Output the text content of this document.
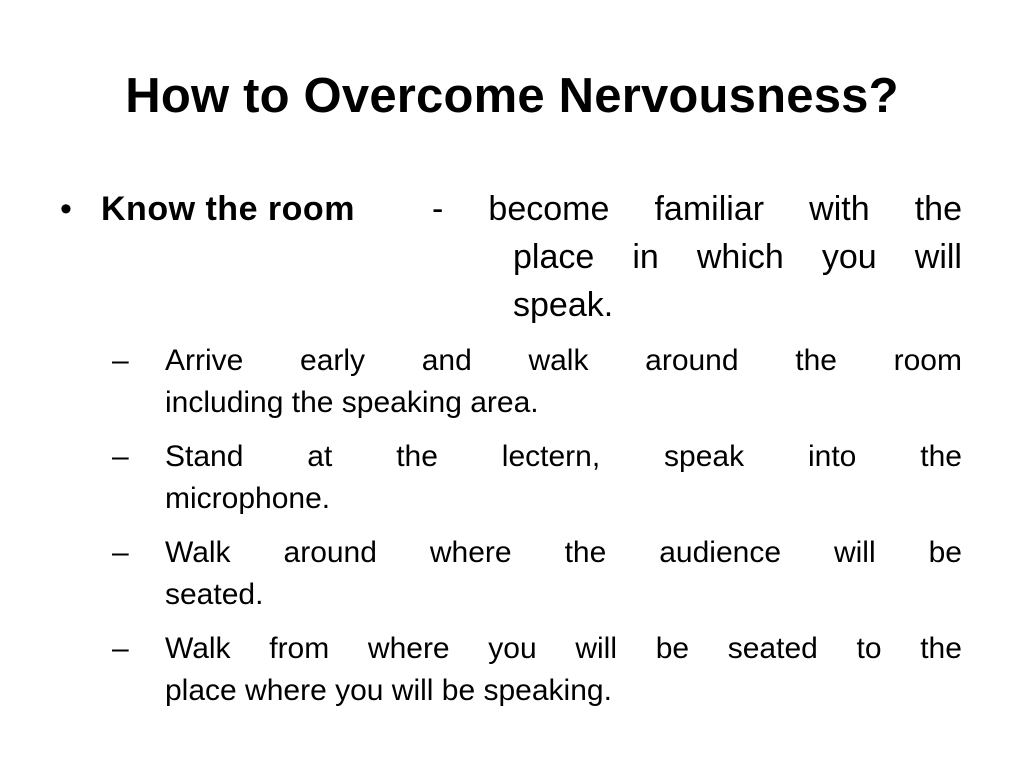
How to Overcome Nervousness?
• Know the room - become familiar with the
place in which you will
speak.
– Arrive early and walk around the room
including the speaking area.
– Stand at the lectern, speak into the
microphone.
– Walk around where the audience will be
seated.
– Walk from where you will be seated to the
place where you will be speaking.
